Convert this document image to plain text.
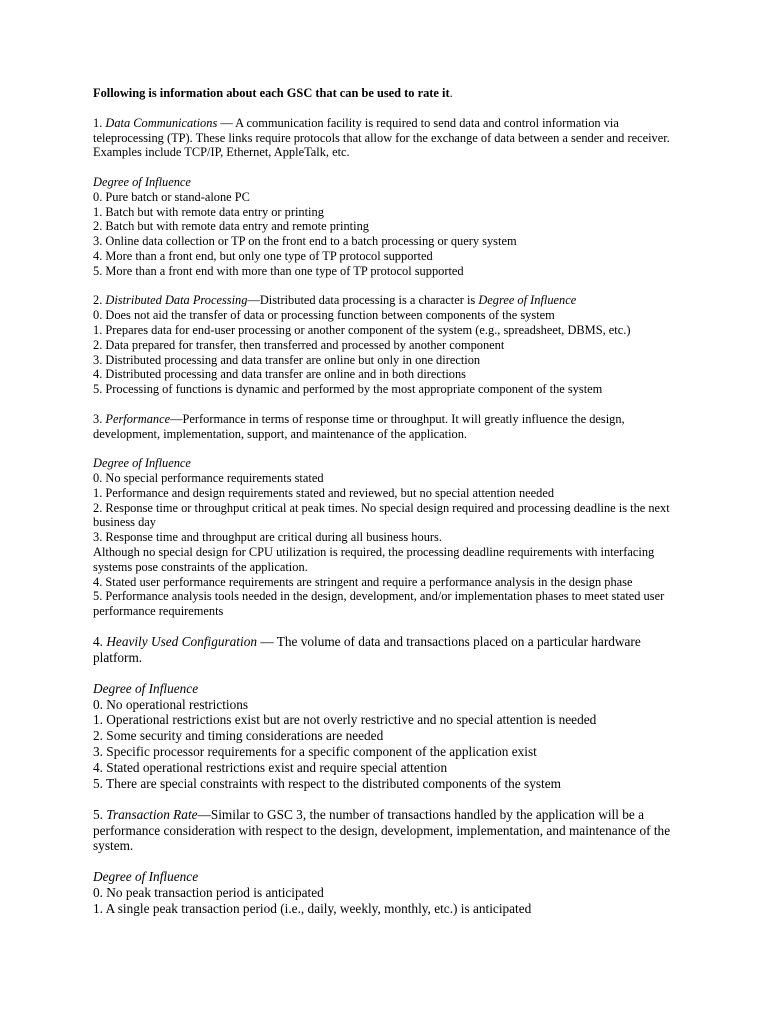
Following is information about each GSC that can be used to rate it.
1. Data Communications — A communication facility is required to send data and control information via teleprocessing (TP). These links require protocols that allow for the exchange of data between a sender and receiver. Examples include TCP/IP, Ethernet, AppleTalk, etc.
Degree of Influence
0. Pure batch or stand-alone PC
1. Batch but with remote data entry or printing
2. Batch but with remote data entry and remote printing
3. Online data collection or TP on the front end to a batch processing or query system
4. More than a front end, but only one type of TP protocol supported
5. More than a front end with more than one type of TP protocol supported
2. Distributed Data Processing—Distributed data processing is a character is Degree of Influence
0. Does not aid the transfer of data or processing function between components of the system
1. Prepares data for end-user processing or another component of the system (e.g., spreadsheet, DBMS, etc.)
2. Data prepared for transfer, then transferred and processed by another component
3. Distributed processing and data transfer are online but only in one direction
4. Distributed processing and data transfer are online and in both directions
5. Processing of functions is dynamic and performed by the most appropriate component of the system
3. Performance—Performance in terms of response time or throughput. It will greatly influence the design, development, implementation, support, and maintenance of the application.
Degree of Influence
0. No special performance requirements stated
1. Performance and design requirements stated and reviewed, but no special attention needed
2. Response time or throughput critical at peak times. No special design required and processing deadline is the next business day
3. Response time and throughput are critical during all business hours.
Although no special design for CPU utilization is required, the processing deadline requirements with interfacing systems pose constraints of the application.
4. Stated user performance requirements are stringent and require a performance analysis in the design phase
5. Performance analysis tools needed in the design, development, and/or implementation phases to meet stated user performance requirements
4. Heavily Used Configuration — The volume of data and transactions placed on a particular hardware platform.
Degree of Influence
0. No operational restrictions
1. Operational restrictions exist but are not overly restrictive and no special attention is needed
2. Some security and timing considerations are needed
3. Specific processor requirements for a specific component of the application exist
4. Stated operational restrictions exist and require special attention
5. There are special constraints with respect to the distributed components of the system
5. Transaction Rate—Similar to GSC 3, the number of transactions handled by the application will be a performance consideration with respect to the design, development, implementation, and maintenance of the system.
Degree of Influence
0. No peak transaction period is anticipated
1. A single peak transaction period (i.e., daily, weekly, monthly, etc.) is anticipated
